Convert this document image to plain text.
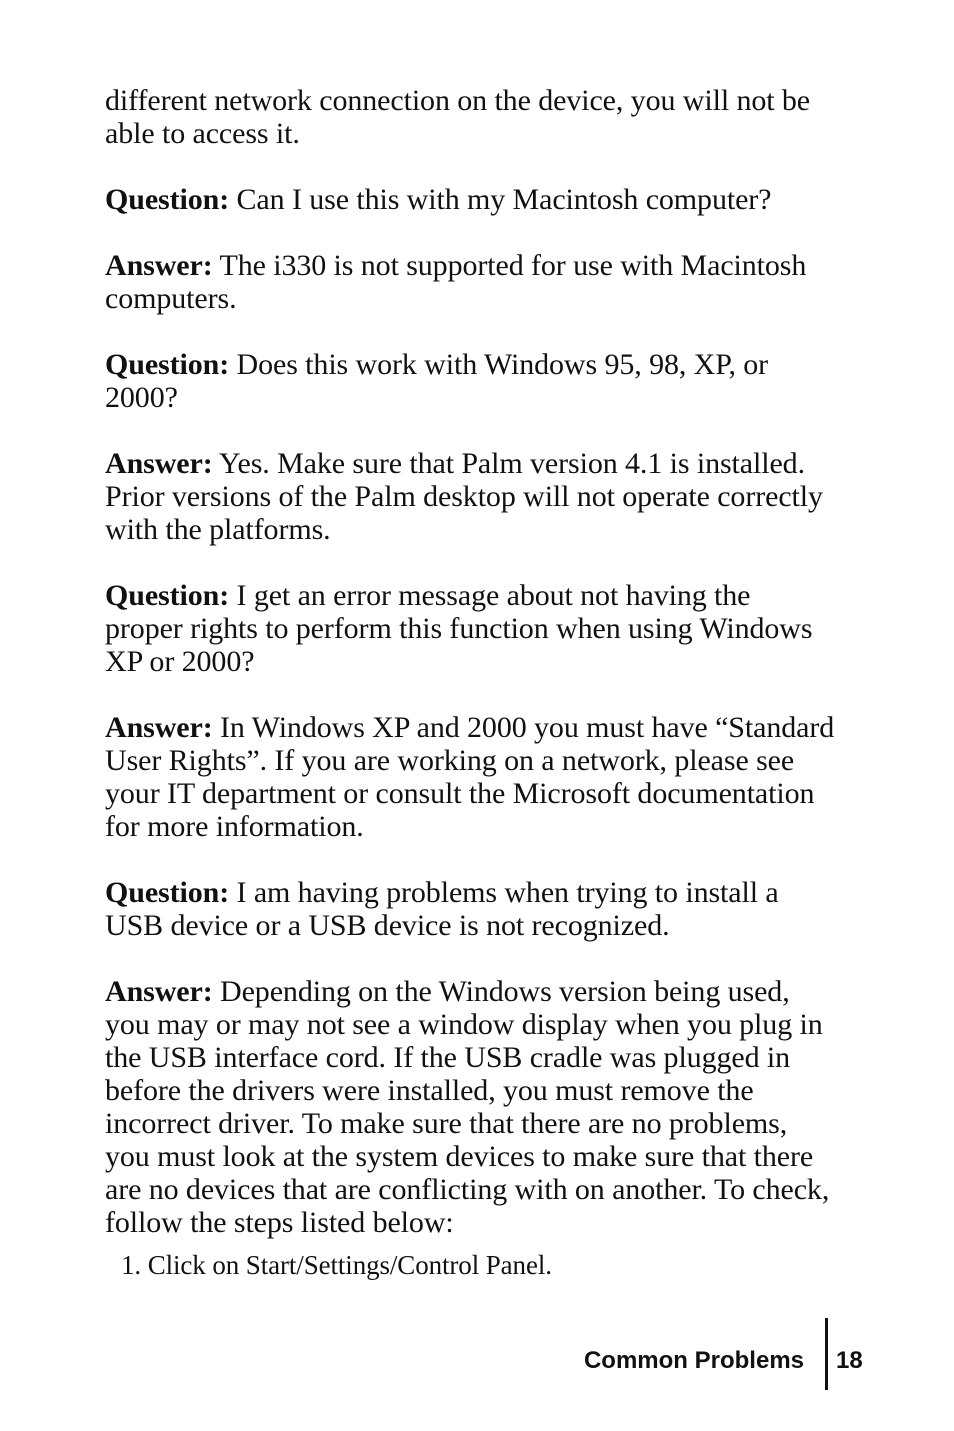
different network connection on the device, you will not be able to access it.

Question: Can I use this with my Macintosh computer?

Answer: The i330 is not supported for use with Macintosh computers.

Question: Does this work with Windows 95, 98, XP, or 2000?

Answer: Yes. Make sure that Palm version 4.1 is installed. Prior versions of the Palm desktop will not operate correctly with the platforms.

Question: I get an error message about not having the proper rights to perform this function when using Windows XP or 2000?

Answer: In Windows XP and 2000 you must have “Standard User Rights”. If you are working on a network, please see your IT department or consult the Microsoft documentation for more information.

Question: I am having problems when trying to install a USB device or a USB device is not recognized.

Answer: Depending on the Windows version being used, you may or may not see a window display when you plug in the USB interface cord. If the USB cradle was plugged in before the drivers were installed, you must remove the incorrect driver. To make sure that there are no problems, you must look at the system devices to make sure that there are no devices that are conflicting with on another. To check, follow the steps listed below:

1. Click on Start/Settings/Control Panel.
Common Problems 18
